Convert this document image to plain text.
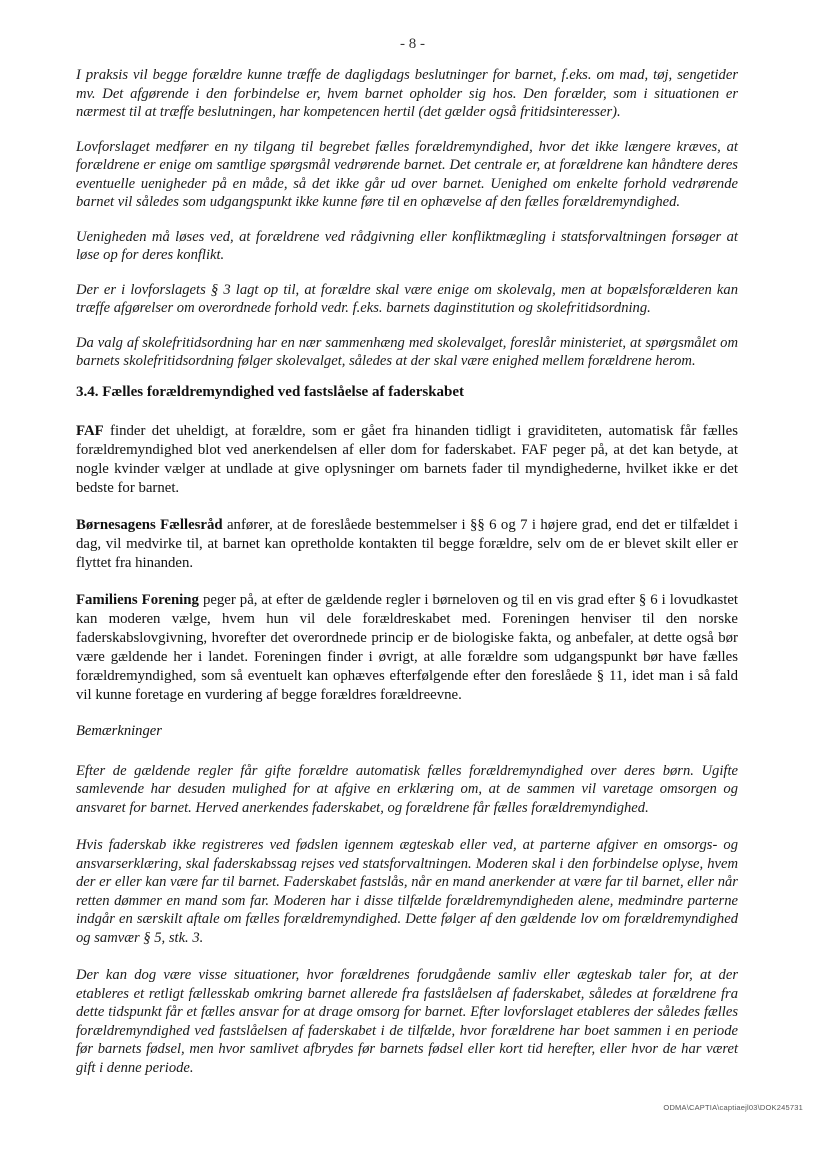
- 8 -

I praksis vil begge forældre kunne træffe de dagligdags beslutninger for barnet, f.eks. om mad, tøj, sengetider mv. Det afgørende i den forbindelse er, hvem barnet opholder sig hos. Den forælder, som i situationen er nærmest til at træffe beslutningen, har kompetencen hertil (det gælder også fritidsinteresser).

Lovforslaget medfører en ny tilgang til begrebet fælles forældremyndighed, hvor det ikke længere kræves, at forældrene er enige om samtlige spørgsmål vedrørende barnet. Det centrale er, at forældrene kan håndtere deres eventuelle uenigheder på en måde, så det ikke går ud over barnet. Uenighed om enkelte forhold vedrørende barnet vil således som udgangspunkt ikke kunne føre til en ophævelse af den fælles forældremyndighed.

Uenigheden må løses ved, at forældrene ved rådgivning eller konfliktmægling i statsforvaltningen forsøger at løse op for deres konflikt.

Der er i lovforslagets § 3 lagt op til, at forældre skal være enige om skolevalg, men at bopælsforælderen kan træffe afgørelser om overordnede forhold vedr. f.eks. barnets daginstitution og skolefritidsordning.

Da valg af skolefritidsordning har en nær sammenhæng med skolevalget, foreslår ministeriet, at spørgsmålet om barnets skolefritidsordning følger skolevalget, således at der skal være enighed mellem forældrene herom.

3.4. Fælles forældremyndighed ved fastslåelse af faderskabet

FAF finder det uheldigt, at forældre, som er gået fra hinanden tidligt i graviditeten, automatisk får fælles forældremyndighed blot ved anerkendelsen af eller dom for faderskabet. FAF peger på, at det kan betyde, at nogle kvinder vælger at undlade at give oplysninger om barnets fader til myndighederne, hvilket ikke er det bedste for barnet.

Børnesagens Fællesråd anfører, at de foreslåede bestemmelser i §§ 6 og 7 i højere grad, end det er tilfældet i dag, vil medvirke til, at barnet kan opretholde kontakten til begge forældre, selv om de er blevet skilt eller er flyttet fra hinanden.

Familiens Forening peger på, at efter de gældende regler i børneloven og til en vis grad efter § 6 i lovudkastet kan moderen vælge, hvem hun vil dele forældreskabet med. Foreningen henviser til den norske faderskabslovgivning, hvorefter det overordnede princip er de biologiske fakta, og anbefaler, at dette også bør være gældende her i landet. Foreningen finder i øvrigt, at alle forældre som udgangspunkt bør have fælles forældremyndighed, som så eventuelt kan ophæves efterfølgende efter den foreslåede § 11, idet man i så fald vil kunne foretage en vurdering af begge forældres forældreevne.

Bemærkninger

Efter de gældende regler får gifte forældre automatisk fælles forældremyndighed over deres børn. Ugifte samlevende har desuden mulighed for at afgive en erklæring om, at de sammen vil varetage omsorgen og ansvaret for barnet. Herved anerkendes faderskabet, og forældrene får fælles forældremyndighed.

Hvis faderskab ikke registreres ved fødslen igennem ægteskab eller ved, at parterne afgiver en omsorgs- og ansvarserklæring, skal faderskabssag rejses ved statsforvaltningen. Moderen skal i den forbindelse oplyse, hvem der er eller kan være far til barnet. Faderskabet fastslås, når en mand anerkender at være far til barnet, eller når retten dømmer en mand som far. Moderen har i disse tilfælde forældremyndigheden alene, medmindre parterne indgår en særskilt aftale om fælles forældremyndighed. Dette følger af den gældende lov om forældremyndighed og samvær § 5, stk. 3.

Der kan dog være visse situationer, hvor forældrenes forudgående samliv eller ægteskab taler for, at der etableres et retligt fællesskab omkring barnet allerede fra fastslåelsen af faderskabet, således at forældrene fra dette tidspunkt får et fælles ansvar for at drage omsorg for barnet. Efter lovforslaget etableres der således fælles forældremyndighed ved fastslåelsen af faderskabet i de tilfælde, hvor forældrene har boet sammen i en periode før barnets fødsel, men hvor samlivet afbrydes før barnets fødsel eller kort tid herefter, eller hvor de har været gift i denne periode.

ODMA\CAPTIA\captiaejl03\DOK245731
